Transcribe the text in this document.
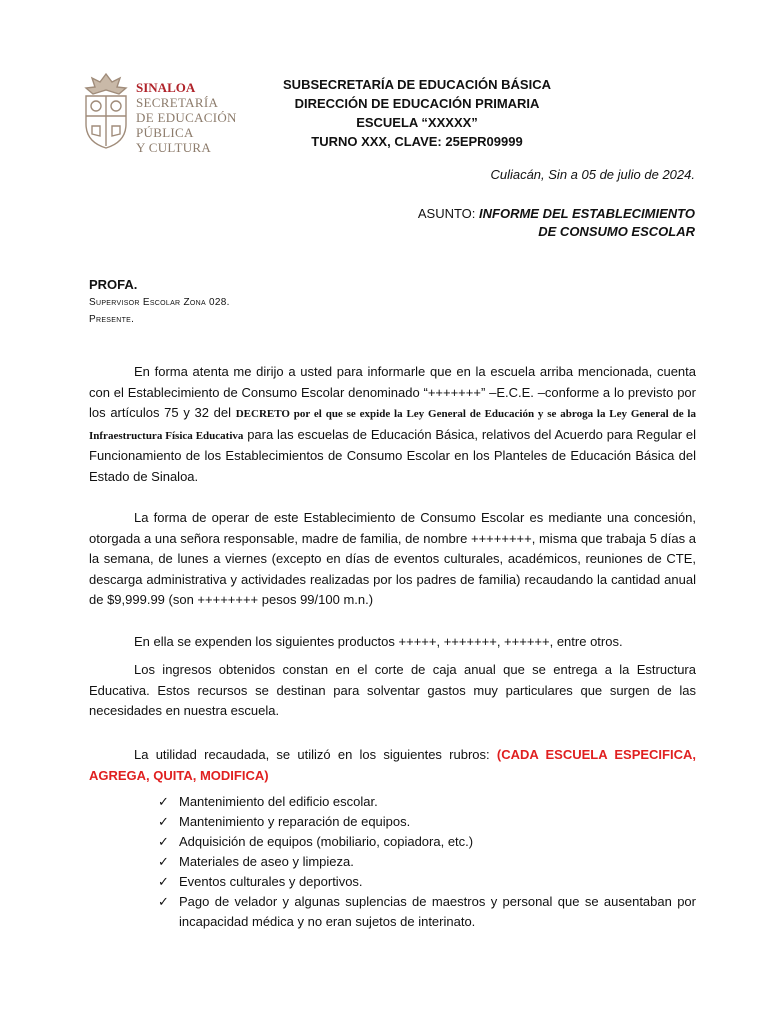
SINALOA
SECRETARÍA
DE EDUCACIÓN
PÚBLICA
Y CULTURA
SUBSECRETARÍA DE EDUCACIÓN BÁSICA
DIRECCIÓN DE EDUCACIÓN PRIMARIA
ESCUELA “XXXXX”
TURNO XXX, CLAVE: 25EPR09999
Culiacán, Sin a 05 de julio de 2024.
ASUNTO: INFORME DEL ESTABLECIMIENTO
DE CONSUMO ESCOLAR
PROFA.
Supervisor Escolar Zona 028.
Presente.
En forma atenta me dirijo a usted para informarle que en la escuela arriba mencionada, cuenta con el Establecimiento de Consumo Escolar denominado “+++++++” –E.C.E. –conforme a lo previsto por los artículos 75 y 32 del DECRETO por el que se expide la Ley General de Educación y se abroga la Ley General de la Infraestructura Física Educativa para las escuelas de Educación Básica, relativos del Acuerdo para Regular el Funcionamiento de los Establecimientos de Consumo Escolar en los Planteles de Educación Básica del Estado de Sinaloa.
La forma de operar de este Establecimiento de Consumo Escolar es mediante una concesión, otorgada a una señora responsable, madre de familia, de nombre ++++++++, misma que trabaja 5 días a la semana, de lunes a viernes (excepto en días de eventos culturales, académicos, reuniones de CTE, descarga administrativa y actividades realizadas por los padres de familia) recaudando la cantidad anual de $9,999.99 (son ++++++++ pesos 99/100 m.n.)
En ella se expenden los siguientes productos +++++, +++++++, ++++++, entre otros.
Los ingresos obtenidos constan en el corte de caja anual que se entrega a la Estructura Educativa. Estos recursos se destinan para solventar gastos muy particulares que surgen de las necesidades en nuestra escuela.
La utilidad recaudada, se utilizó en los siguientes rubros: (CADA ESCUELA ESPECIFICA, AGREGA, QUITA, MODIFICA)
✓ Mantenimiento del edificio escolar.
✓ Mantenimiento y reparación de equipos.
✓ Adquisición de equipos (mobiliario, copiadora, etc.)
✓ Materiales de aseo y limpieza.
✓ Eventos culturales y deportivos.
✓ Pago de velador y algunas suplencias de maestros y personal que se ausentaban por incapacidad médica y no eran sujetos de interinato.
